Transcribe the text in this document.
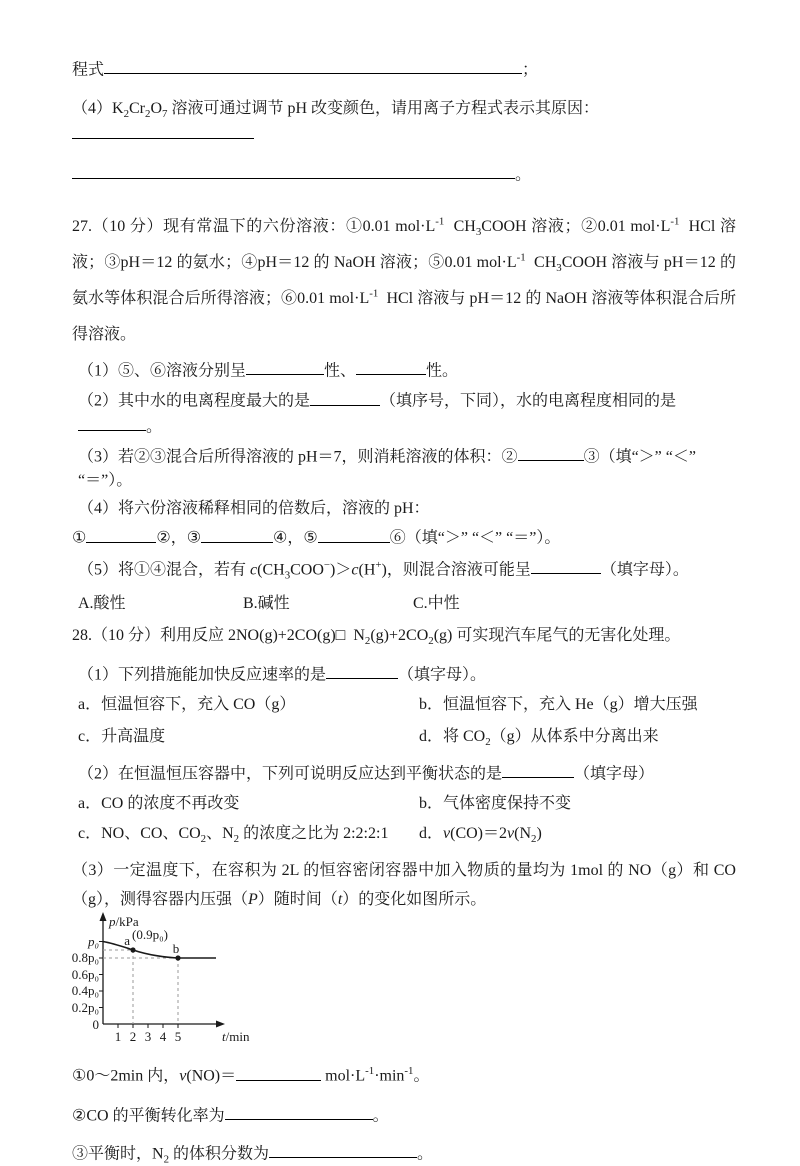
程式	；
$(4)K_2Cr_2O_7$ 溶液可通过调节 pH 改变颜色，请用离子方程式表示其原因：
。
27.（10 分）现有常温下的六份溶液：①0.01 $mol\cdot L^{-1}$  $CH_3COOH$ 溶液；②0.01 $mol\cdot L^{-1}$  HCl 溶液；③pH＝12 的氨水；④pH＝12 的 NaOH 溶液；⑤0.01 $mol\cdot L^{-1}$  $CH_3COOH$ 溶液与 pH＝12 的氨水等体积混合后所得溶液；⑥0.01 $mol\cdot L^{-1}$  HCl 溶液与 pH＝12 的 NaOH 溶液等体积混合后所得溶液。
（1）⑤、⑥溶液分别呈	性、	性。
（2）其中水的电离程度最大的是	（填序号，下同），水的电离程度相同的是。
（3）若②③混合后所得溶液的 pH＝7，则消耗溶液的体积：②	③（填“＞” “＜” “＝”）。
（4）将六份溶液稀释相同的倍数后，溶液的 pH：
①	②，③	④，⑤	⑥（填“＞” “＜” “＝”）。
（5）将①④混合，若有 $c(CH_3COO^-)>c(H^+)$，则混合溶液可能呈	（填字母）。
A.酸性	B.碱性	C.中性
28.（10 分）利用反应 2NO(g)+2CO(g)□  $N_2(g)+2CO_2(g)$ 可实现汽车尾气的无害化处理。
（1）下列措施能加快反应速率的是	（填字母）。
a．恒温恒容下，充入 CO（g）	b．恒温恒容下，充入 He（g）增大压强
c．升高温度	d．将 $CO_2(g)$从体系中分离出来
（2）在恒温恒压容器中，下列可说明反应达到平衡状态的是	（填字母）
a．CO 的浓度不再改变	b．气体密度保持不变
c．NO、CO、$CO_2$、$N_2$ 的浓度之比为 2:2:2:1	d．$v(CO)=2v(N_2)$
（3）一定温度下，在容积为 2L 的恒容密闭容器中加入物质的量均为 1mol 的 NO（g）和 CO（g），测得容器内压强（P）随时间（t）的变化如图所示。
p/kPa
t/min
p₀
0.8p₀
0.6p₀
0.4p₀
0.2p₀
0
1 2 3 4 5
a (0.9p₀)
b
①0～2min 内，v(NO)＝	$mol\cdot L^{-1}\cdot\min^{-1}$。
②CO 的平衡转化率为	。
③平衡时，$N_2$ 的体积分数为	。
